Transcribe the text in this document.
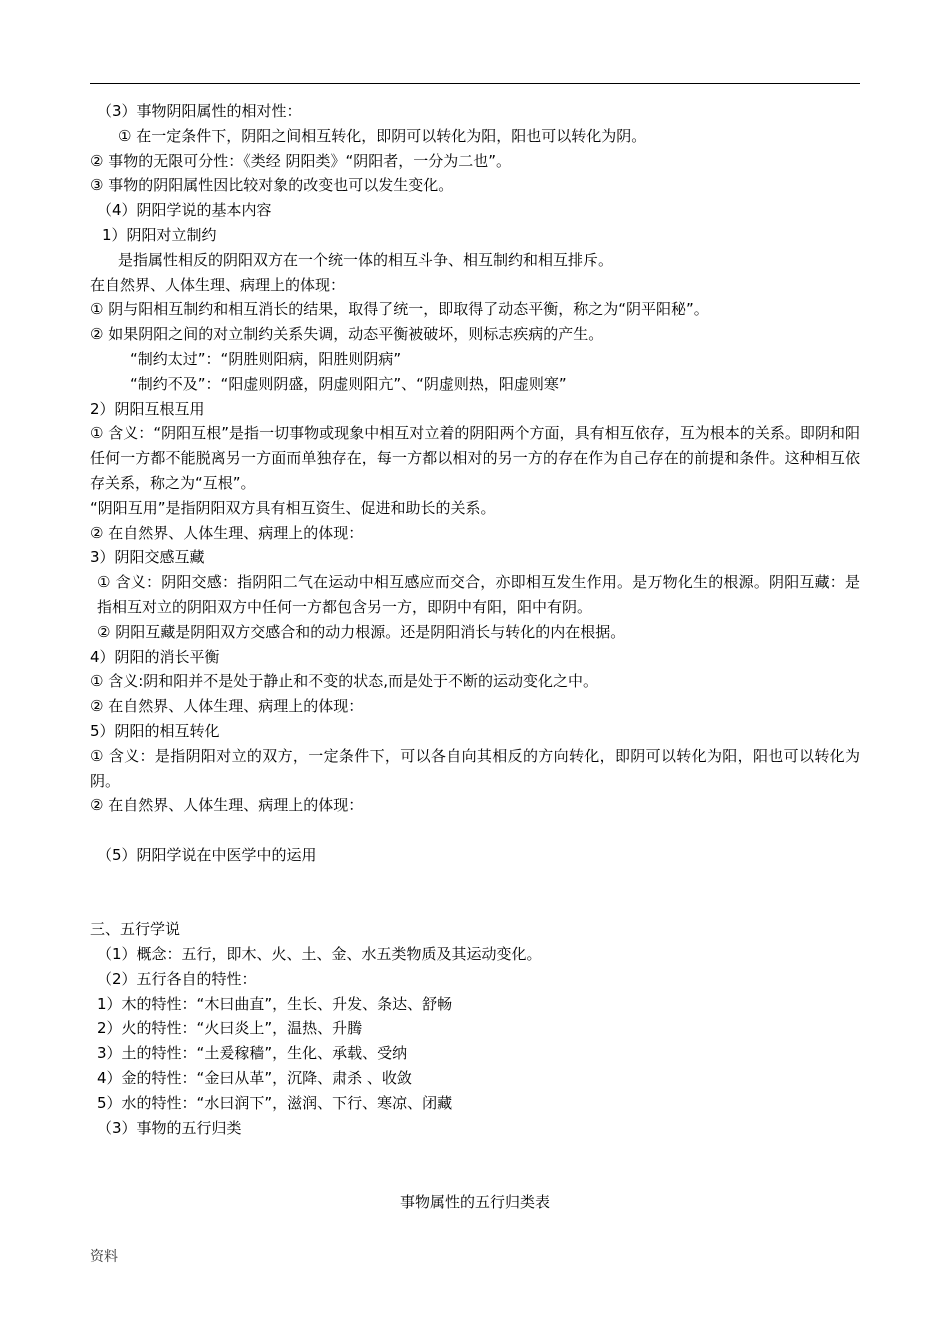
（3）事物阴阳属性的相对性：
① 在一定条件下，阴阳之间相互转化，即阴可以转化为阳，阳也可以转化为阴。
② 事物的无限可分性：《类经 阴阳类》“阴阳者，一分为二也”。
③ 事物的阴阳属性因比较对象的改变也可以发生变化。
（4）阴阳学说的基本内容
1）阴阳对立制约
是指属性相反的阴阳双方在一个统一体的相互斗争、相互制约和相互排斥。
在自然界、人体生理、病理上的体现：
① 阴与阳相互制约和相互消长的结果，取得了统一，即取得了动态平衡，称之为“阴平阳秘”。
② 如果阴阳之间的对立制约关系失调，动态平衡被破坏，则标志疾病的产生。
“制约太过”：“阴胜则阳病，阳胜则阴病”
“制约不及”：“阳虚则阴盛，阴虚则阳亢”、“阴虚则热，阳虚则寒”
2）阴阳互根互用
① 含义：“阴阳互根”是指一切事物或现象中相互对立着的阴阳两个方面，具有相互依存，互为根本的关系。即阴和阳任何一方都不能脱离另一方面而单独存在，每一方都以相对的另一方的存在作为自己存在的前提和条件。这种相互依存关系，称之为“互根”。
“阴阳互用”是指阴阳双方具有相互资生、促进和助长的关系。
② 在自然界、人体生理、病理上的体现：
3）阴阳交感互藏
① 含义：阴阳交感：指阴阳二气在运动中相互感应而交合，亦即相互发生作用。是万物化生的根源。阴阳互藏：是指相互对立的阴阳双方中任何一方都包含另一方，即阴中有阳，阳中有阴。
② 阴阳互藏是阴阳双方交感合和的动力根源。还是阴阳消长与转化的内在根据。
4）阴阳的消长平衡
① 含义:阴和阳并不是处于静止和不变的状态,而是处于不断的运动变化之中。
② 在自然界、人体生理、病理上的体现：
5）阴阳的相互转化
① 含义：是指阴阳对立的双方，一定条件下，可以各自向其相反的方向转化，即阴可以转化为阳，阳也可以转化为阴。
② 在自然界、人体生理、病理上的体现：
（5）阴阳学说在中医学中的运用
三、五行学说
（1）概念：五行，即木、火、土、金、水五类物质及其运动变化。
（2）五行各自的特性：
1）木的特性：“木曰曲直”，生长、升发、条达、舒畅
2）火的特性：“火曰炎上”，温热、升腾
3）土的特性：“土爰稼穑”，生化、承载、受纳
4）金的特性：“金曰从革”，沉降、肃杀 、收敛
5）水的特性：“水曰润下”，滋润、下行、寒凉、闭藏
（3）事物的五行归类
事物属性的五行归类表
资料
